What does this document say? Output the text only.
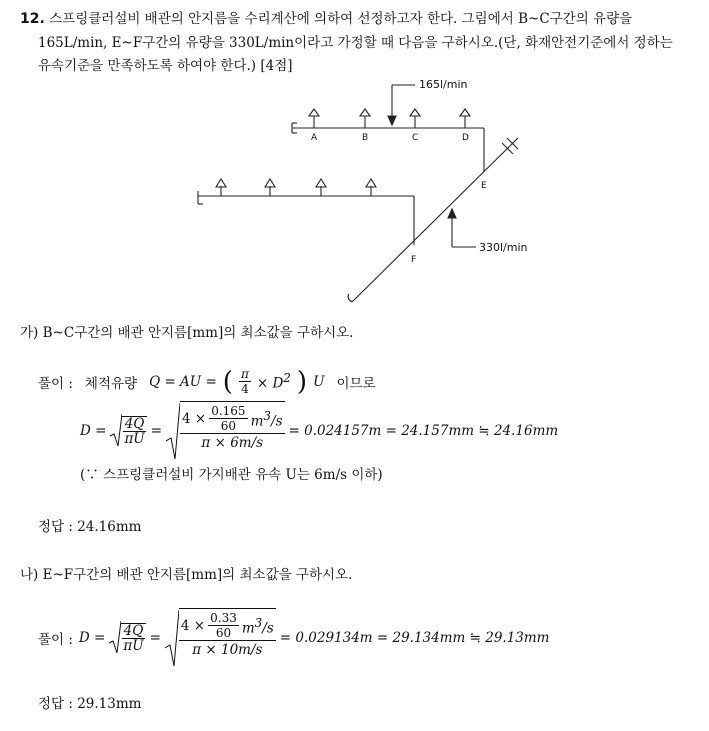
12. 스프링클러설비 배관의 안지름을 수리계산에 의하여 선정하고자 한다. 그림에서 B~C구간의 유량을
165L/min, E~F구간의 유량을 330L/min이라고 가정할 때 다음을 구하시오.(단, 화재안전기준에서 정하는
유속기준을 만족하도록 하여야 한다.) [4점]
165l/min
330l/min
A	B	C	D
E
F
가) B~C구간의 배관 안지름[mm]의 최소값을 구하시오.
풀이 : 체적유량 Q = AU = ( $\frac{\pi}{4} \times D^2$ ) U 이므로
$D = \frac{4Q}{\pi U}$ =
$4 \times \frac{0.165}{60} m^3/s$
π × 6m/s
= 0.024157m = 24.157mm ≒ 24.16mm
(∵ 스프링클러설비 가지배관 유속 U는 6m/s 이하)
정답 : 24.16mm
나) E~F구간의 배관 안지름[mm]의 최소값을 구하시오.
풀이 : $D = \frac{4Q}{\pi U}$ =
$4 \times \frac{0.33}{60} m^3/s$
π × 10m/s
= 0.029134m = 29.134mm ≒ 29.13mm
정답 : 29.13mm
